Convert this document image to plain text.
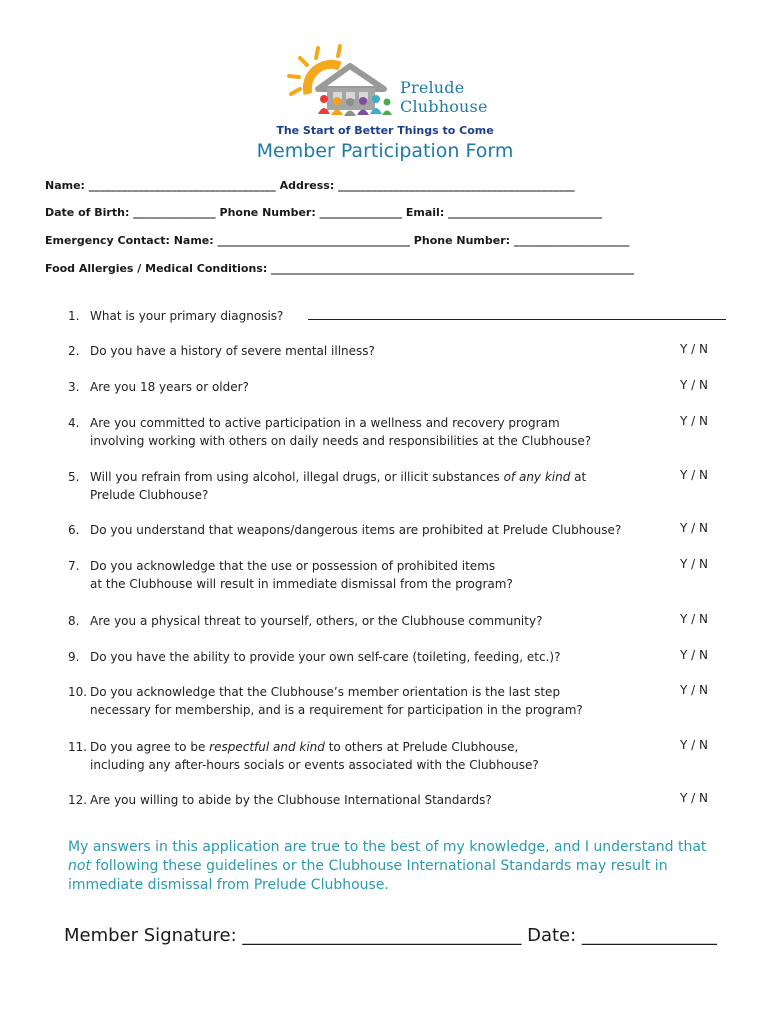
Prelude
Clubhouse
The Start of Better Things to Come
Member Participation Form
Name: __________________________________ Address: ___________________________________________
Date of Birth: _______________ Phone Number: _______________ Email: ____________________________
Emergency Contact: Name: ___________________________________ Phone Number: _____________________
Food Allergies / Medical Conditions: __________________________________________________________________
1. What is your primary diagnosis?
2. Do you have a history of severe mental illness?	Y / N
3. Are you 18 years or older?	Y / N
4. Are you committed to active participation in a wellness and recovery program
involving working with others on daily needs and responsibilities at the Clubhouse?
Y / N
5. Will you refrain from using alcohol, illegal drugs, or illicit substances of any kind at
Prelude Clubhouse?
Y / N
6. Do you understand that weapons/dangerous items are prohibited at Prelude Clubhouse?	Y / N
7. Do you acknowledge that the use or possession of prohibited items
at the Clubhouse will result in immediate dismissal from the program?
Y / N
8. Are you a physical threat to yourself, others, or the Clubhouse community?	Y / N
9. Do you have the ability to provide your own self-care (toileting, feeding, etc.)?	Y / N
10. Do you acknowledge that the Clubhouse’s member orientation is the last step
necessary for membership, and is a requirement for participation in the program?
Y / N
11. Do you agree to be respectful and kind to others at Prelude Clubhouse,
including any after-hours socials or events associated with the Clubhouse?
Y / N
12. Are you willing to abide by the Clubhouse International Standards?	Y / N
My answers in this application are true to the best of my knowledge, and I understand that not following these guidelines or the Clubhouse International Standards may result in immediate dismissal from Prelude Clubhouse.
Member Signature: _______________________________ Date: _______________
